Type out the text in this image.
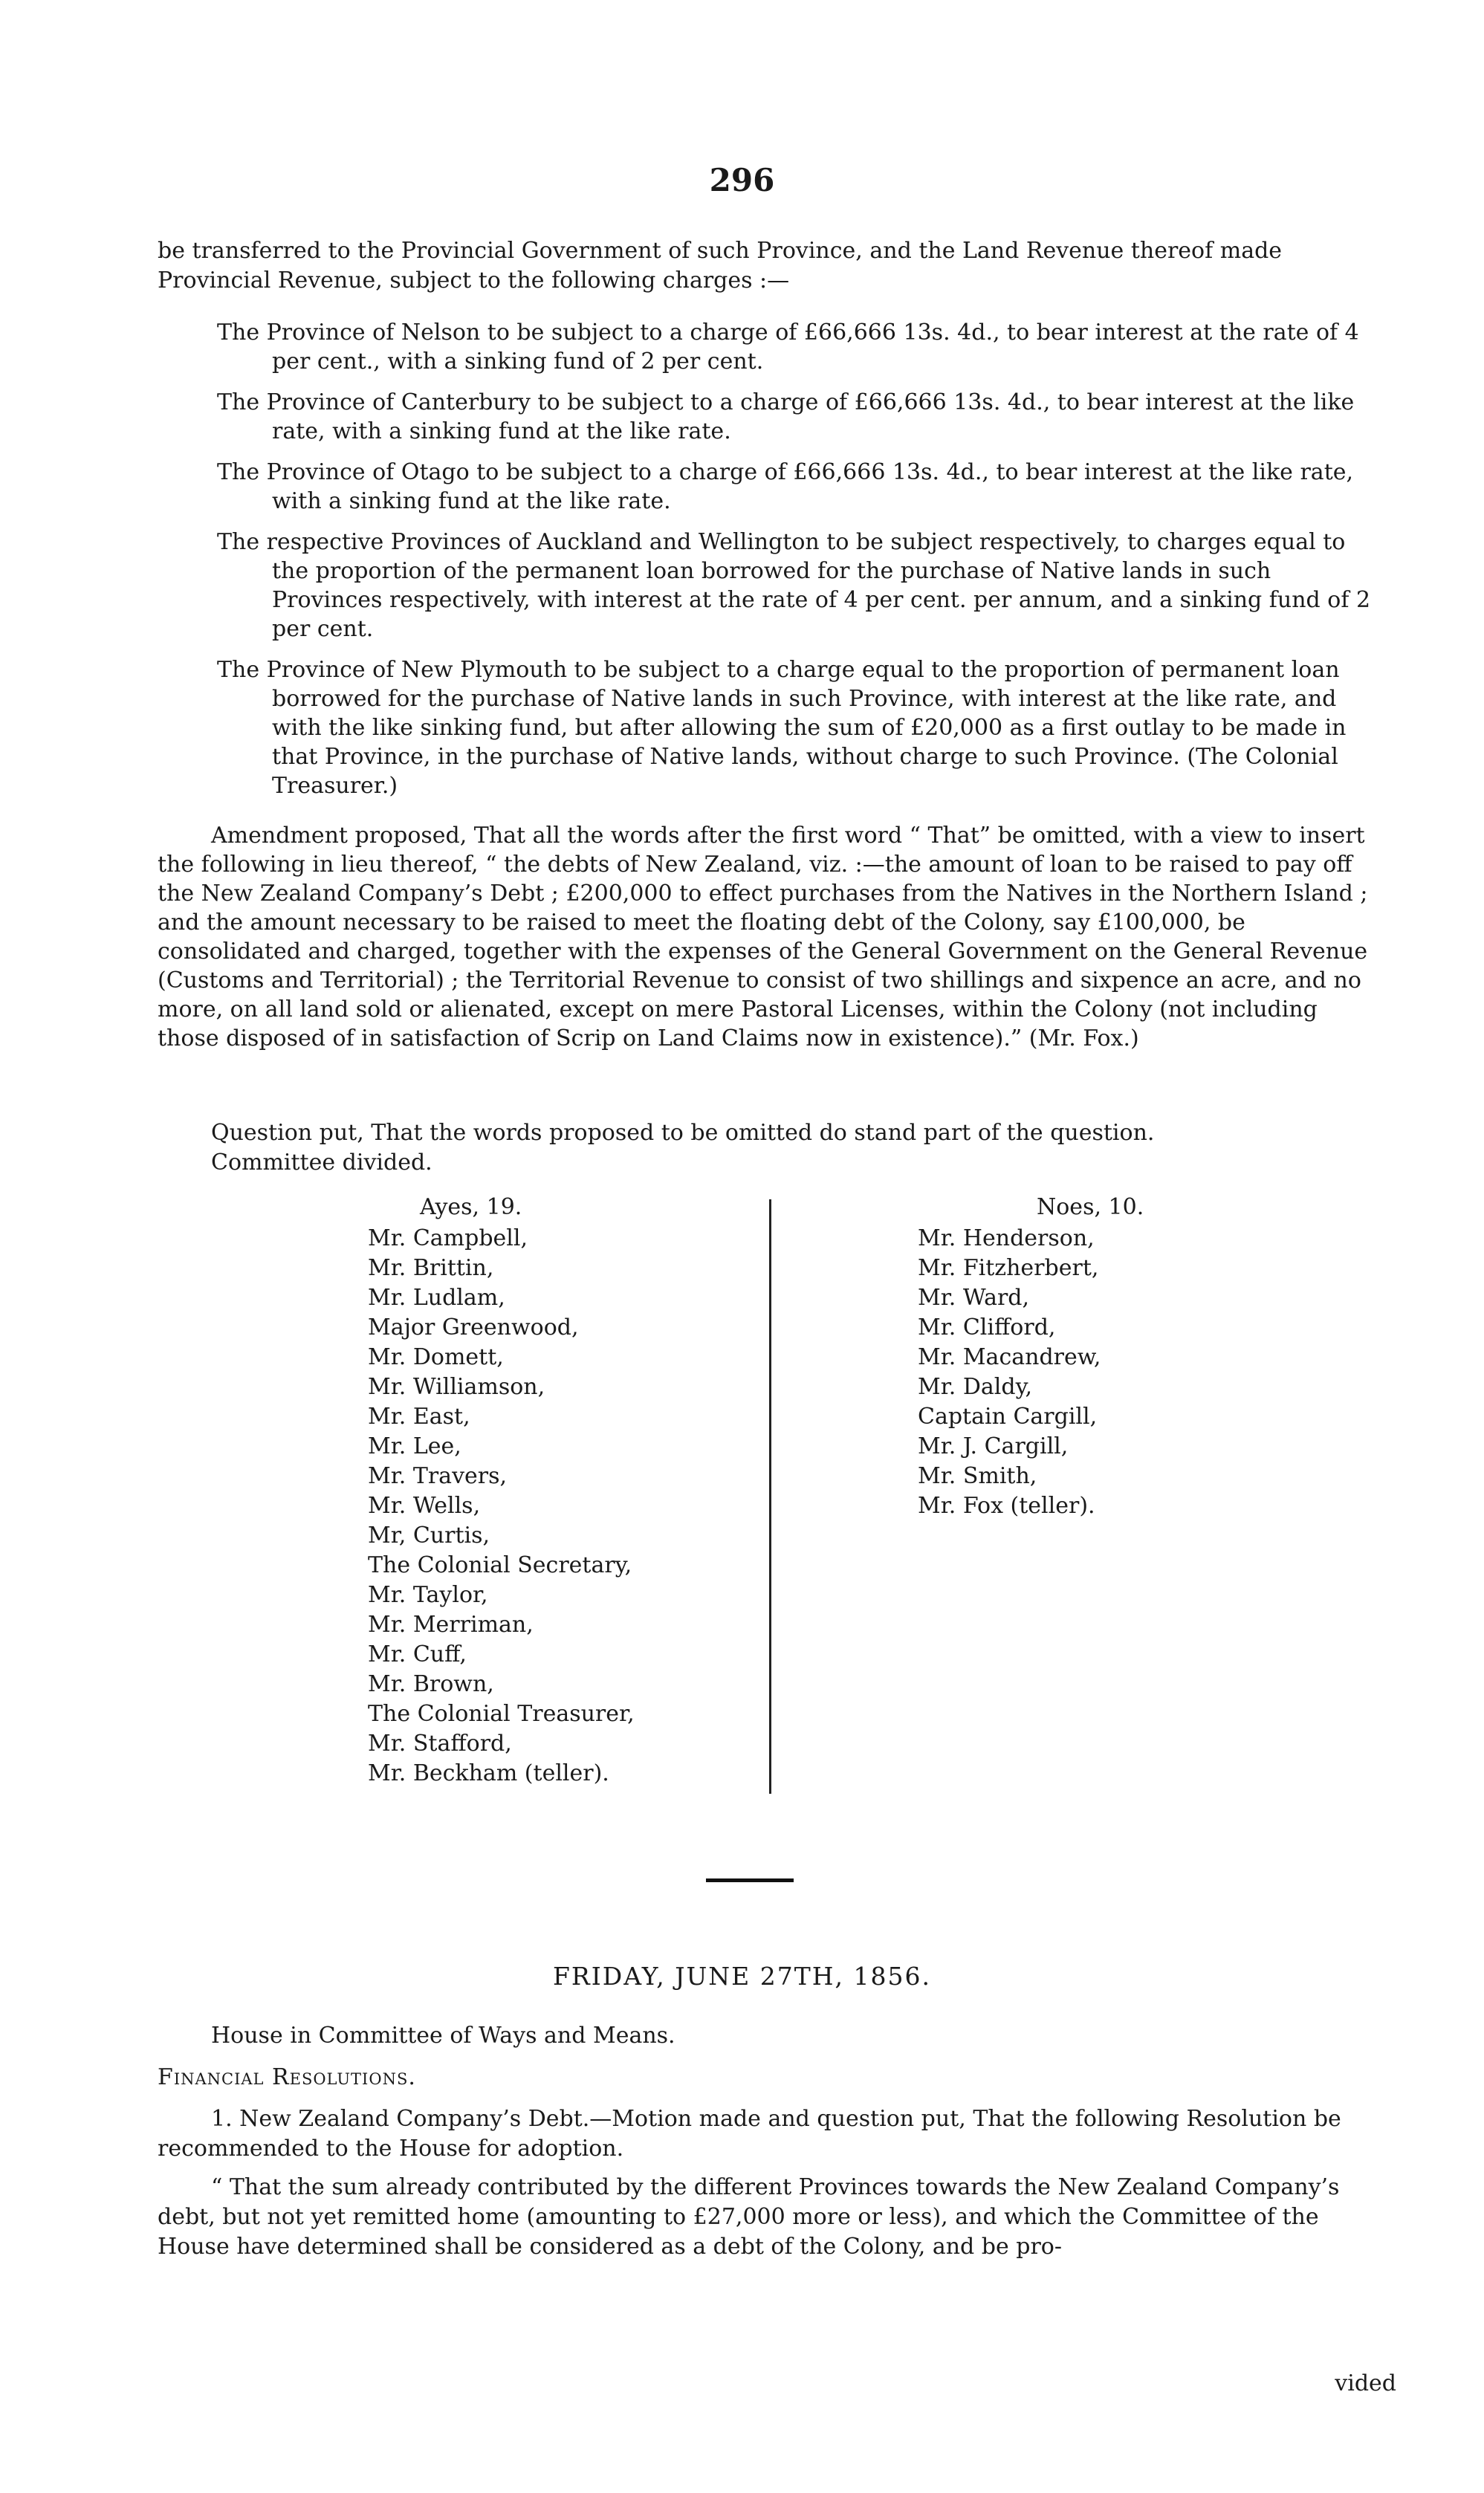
296

be transferred to the Provincial Government of such Province, and the Land Revenue thereof made Provincial Revenue, subject to the following charges :—

The Province of Nelson to be subject to a charge of £66,666 13s. 4d., to bear interest at the rate of 4 per cent., with a sinking fund of 2 per cent.

The Province of Canterbury to be subject to a charge of £66,666 13s. 4d., to bear interest at the like rate, with a sinking fund at the like rate.

The Province of Otago to be subject to a charge of £66,666 13s. 4d., to bear interest at the like rate, with a sinking fund at the like rate.

The respective Provinces of Auckland and Wellington to be subject respectively, to charges equal to the proportion of the permanent loan borrowed for the purchase of Native lands in such Provinces respectively, with interest at the rate of 4 per cent. per annum, and a sinking fund of 2 per cent.

The Province of New Plymouth to be subject to a charge equal to the proportion of permanent loan borrowed for the purchase of Native lands in such Province, with interest at the like rate, and with the like sinking fund, but after allowing the sum of £20,000 as a first outlay to be made in that Province, in the purchase of Native lands, without charge to such Province. (The Colonial Treasurer.)

Amendment proposed, That all the words after the first word “ That” be omitted, with a view to insert the following in lieu thereof, “ the debts of New Zealand, viz. :—the amount of loan to be raised to pay off the New Zealand Company’s Debt ; £200,000 to effect purchases from the Natives in the Northern Island ; and the amount necessary to be raised to meet the floating debt of the Colony, say £100,000, be consolidated and charged, together with the expenses of the General Government on the General Revenue (Customs and Territorial) ; the Territorial Revenue to consist of two shillings and sixpence an acre, and no more, on all land sold or alienated, except on mere Pastoral Licenses, within the Colony (not including those disposed of in satisfaction of Scrip on Land Claims now in existence).” (Mr. Fox.)

Question put, That the words proposed to be omitted do stand part of the question.

Committee divided.

Ayes, 19.

Mr. Campbell,
Mr. Brittin,
Mr. Ludlam,
Major Greenwood,
Mr. Domett,
Mr. Williamson,
Mr. East,
Mr. Lee,
Mr. Travers,
Mr. Wells,
Mr, Curtis,
The Colonial Secretary,
Mr. Taylor,
Mr. Merriman,
Mr. Cuff,
Mr. Brown,
The Colonial Treasurer,
Mr. Stafford,
Mr. Beckham (teller).

Noes, 10.

Mr. Henderson,
Mr. Fitzherbert,
Mr. Ward,
Mr. Clifford,
Mr. Macandrew,
Mr. Daldy,
Captain Cargill,
Mr. J. Cargill,
Mr. Smith,
Mr. Fox (teller).
FRIDAY, JUNE 27TH, 1856.

House in Committee of Ways and Means.

Financial Resolutions.

1. New Zealand Company’s Debt.—Motion made and question put, That the following Resolution be recommended to the House for adoption.

“ That the sum already contributed by the different Provinces towards the New Zealand Company’s debt, but not yet remitted home (amounting to £27,000 more or less), and which the Committee of the House have determined shall be considered as a debt of the Colony, and be pro-

vided
